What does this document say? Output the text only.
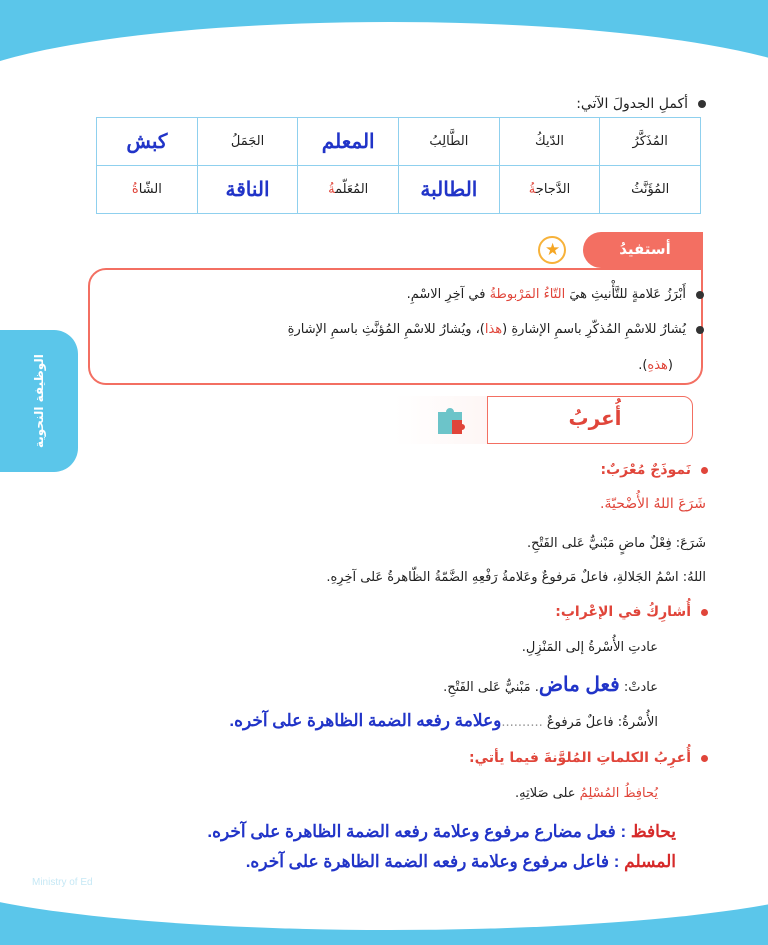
Ministry of Ed
الوظيفة النحوية
أكملِ الجدولَ الآتي:
المُذَكَّرُ	الدّيكُ	الطَّالِبُ	المعلم	الجَمَلُ	كبش
المُؤَنَّثُ	الدَّجاجةُ	الطالبة	المُعَلّمةُ	الناقة	الشّاةُ
أستفيدُ
★
أَبْرَزُ عَلامةٍ للتَّأْنيثِ هيَ التّاءُ المَرْبوطةُ في آخِرِ الاسْمِ.
يُشارُ للاسْمِ المُذكّرِ باسمِ الإشارةِ (هذا)، ويُشارُ للاسْمِ المُؤنَّثِ باسمِ الإشارةِ
(هذهِ).
أُعربُ
نَموذَجٌ مُعْرَبٌ:
شَرَعَ اللهُ الأُضْحيّةَ.
شَرَعَ: فِعْلٌ ماضٍ مَبْنيٌّ عَلى الفَتْحِ.
اللهُ: اسْمُ الجَلالةِ، فاعلٌ مَرفوعٌ وعَلامةُ رَفْعِهِ الضَّمّةُ الظّاهرةُ عَلى آخِرِهِ.
أُشارِكُ في الإعْرابِ:
عادتِ الأُسْرةُ إلى المَنْزِلِ.
عادتْ: فعل ماض. مَبْنيٌّ عَلى الفَتْحِ.
الأُسْرةُ: فاعلٌ مَرفوعٌ ..........وعلامة رفعه الضمة الظاهرة على آخره.
أُعرِبُ الكلماتِ المُلوَّنةَ فيما يأتي:
يُحافِظُ المُسْلِمُ على صَلاتِهِ.
يحافظ : فعل مضارع مرفوع وعلامة رفعه الضمة الظاهرة على آخره.
المسلم : فاعل مرفوع وعلامة رفعه الضمة الظاهرة على آخره.
